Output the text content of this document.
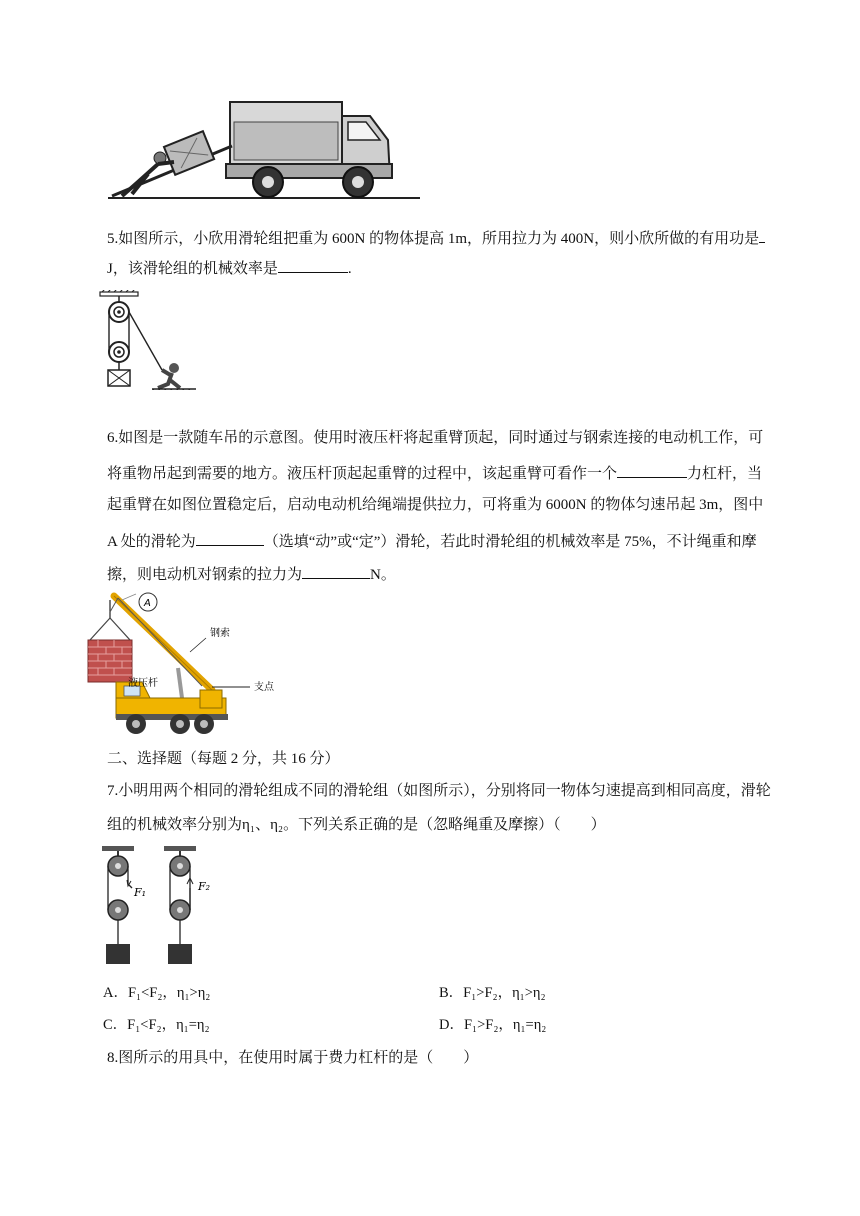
5.如图所示，小欣用滑轮组把重为 600N 的物体提高 1m，所用拉力为 400N，则小欣所做的有用功是
J，该滑轮组的机械效率是	.
6.如图是一款随车吊的示意图。使用时液压杆将起重臂顶起，同时通过与钢索连接的电动机工作，可
将重物吊起到需要的地方。液压杆顶起起重臂的过程中，该起重臂可看作一个	力杠杆，当
起重臂在如图位置稳定后，启动电动机给绳端提供拉力，可将重为 6000N 的物体匀速吊起 3m，图中
A 处的滑轮为	（选填“动”或“定”）滑轮，若此时滑轮组的机械效率是 75%，不计绳重和摩
擦，则电动机对钢索的拉力为	N。
A
钢索
支点
液压杆
二、选择题（每题 2 分，共 16 分）
7.小明用两个相同的滑轮组成不同的滑轮组（如图所示），分别将同一物体匀速提高到相同高度，滑轮
组的机械效率分别为η₁、η₂。下列关系正确的是（忽略绳重及摩擦）（　　）
F₁	F₂
A．F₁<F₂，η₁>η₂	B．F₁>F₂，η₁>η₂
C．F₁<F₂，η₁=η₂	D．F₁>F₂，η₁=η₂
8.图所示的用具中，在使用时属于费力杠杆的是（　　）
